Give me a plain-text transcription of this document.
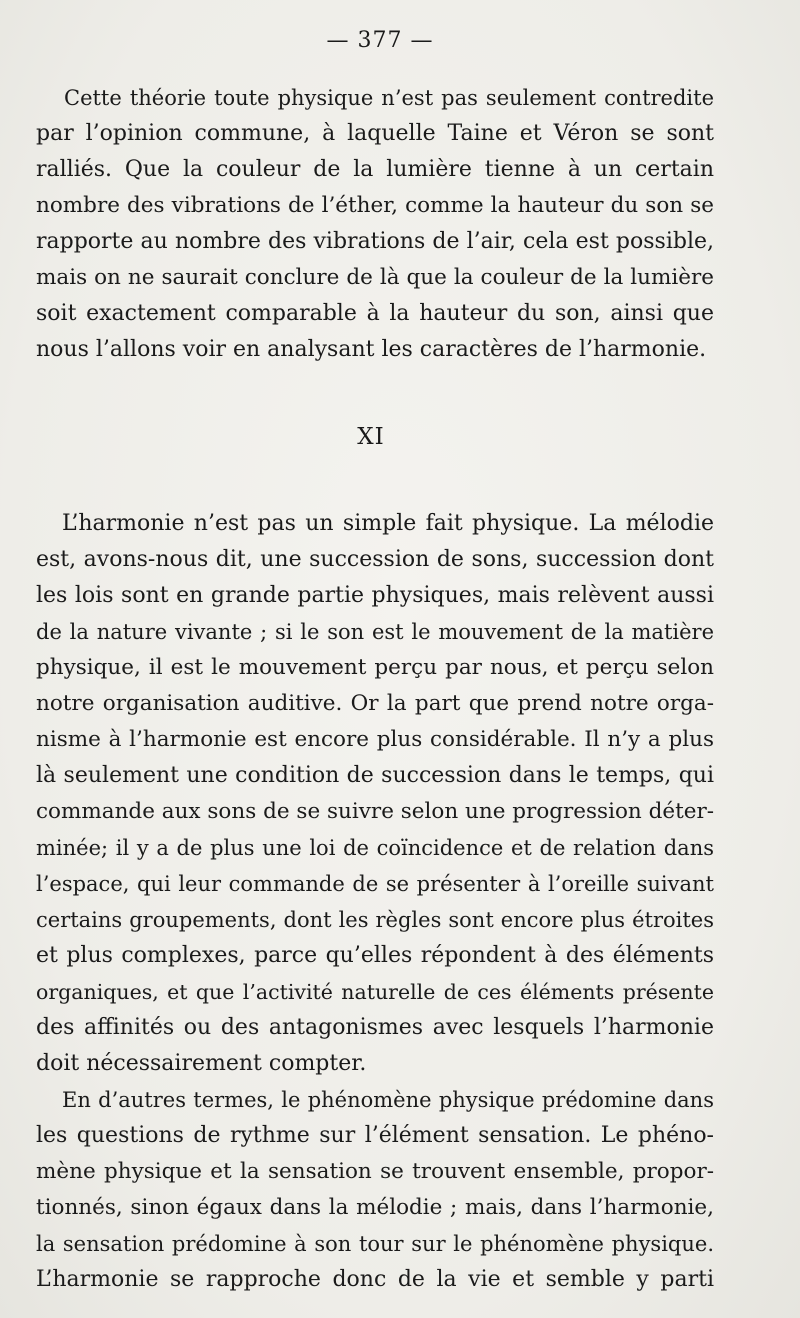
— 377 —
Cette théorie toute physique n’est pas seulement contredite
par l’opinion commune, à laquelle Taine et Véron se sont
ralliés. Que la couleur de la lumière tienne à un certain
nombre des vibrations de l’éther, comme la hauteur du son se
rapporte au nombre des vibrations de l’air, cela est possible,
mais on ne saurait conclure de là que la couleur de la lumière
soit exactement comparable à la hauteur du son, ainsi que
nous l’allons voir en analysant les caractères de l’harmonie.
XI
L’harmonie n’est pas un simple fait physique. La mélodie
est, avons-nous dit, une succession de sons, succession dont
les lois sont en grande partie physiques, mais relèvent aussi
de la nature vivante ; si le son est le mouvement de la matière
physique, il est le mouvement perçu par nous, et perçu selon
notre organisation auditive. Or la part que prend notre orga-
nisme à l’harmonie est encore plus considérable. Il n’y a plus
là seulement une condition de succession dans le temps, qui
commande aux sons de se suivre selon une progression déter-
minée; il y a de plus une loi de coïncidence et de relation dans
l’espace, qui leur commande de se présenter à l’oreille suivant
certains groupements, dont les règles sont encore plus étroites
et plus complexes, parce qu’elles répondent à des éléments
organiques, et que l’activité naturelle de ces éléments présente
des affinités ou des antagonismes avec lesquels l’harmonie
doit nécessairement compter.
En d’autres termes, le phénomène physique prédomine dans
les questions de rythme sur l’élément sensation. Le phéno-
mène physique et la sensation se trouvent ensemble, propor-
tionnés, sinon égaux dans la mélodie ; mais, dans l’harmonie,
la sensation prédomine à son tour sur le phénomène physique.
L’harmonie se rapproche donc de la vie et semble y parti
